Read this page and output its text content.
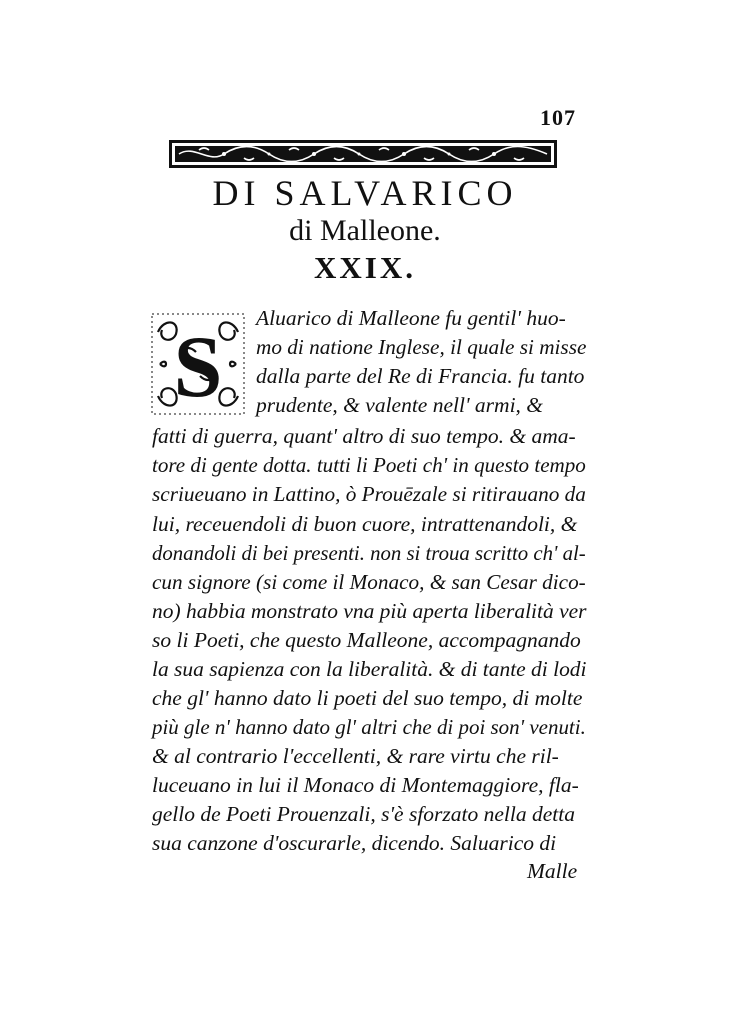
107
DI SALVARICO
di Malleone.
XXIX.
S
Aluarico di Malleone fu gentil' huo-
mo di natione Inglese, il quale si misse
dalla parte del Re di Francia. fu tanto
prudente, & valente nell' armi, &
fatti di guerra, quant' altro di suo tempo. & ama-
tore di gente dotta. tutti li Poeti ch' in questo tempo
scriueuano in Lattino, ò Prouēzale si ritirauano da
lui, receuendoli di buon cuore, intrattenandoli, &
donandoli di bei presenti. non si troua scritto ch' al-
cun signore (si come il Monaco, & san Cesar dico-
no) habbia monstrato vna più aperta liberalità ver
so li Poeti, che questo Malleone, accompagnando
la sua sapienza con la liberalità. & di tante di lodi
che gl' hanno dato li poeti del suo tempo, di molte
più gle n' hanno dato gl' altri che di poi son' venuti.
& al contrario l'eccellenti, & rare virtu che ril-
luceuano in lui il Monaco di Montemaggiore, fla-
gello de Poeti Prouenzali, s'è sforzato nella detta
sua canzone d'oscurarle, dicendo. Saluarico di
Malle
